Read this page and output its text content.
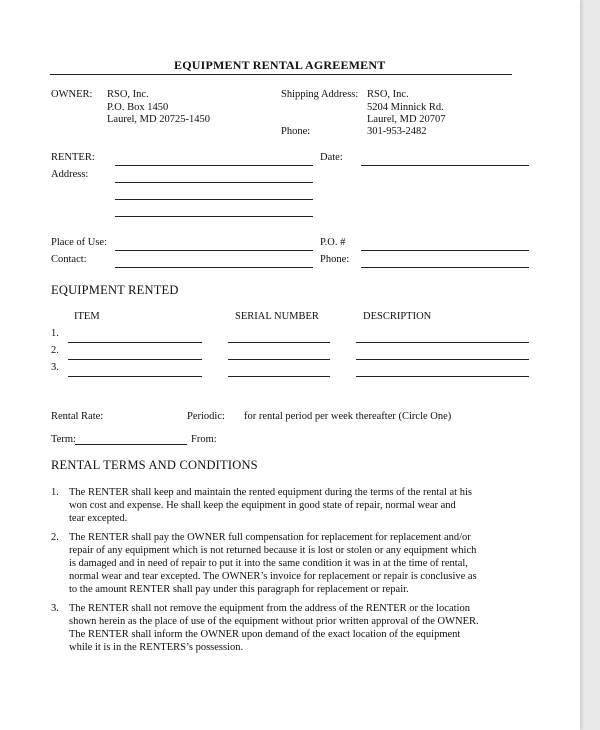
EQUIPMENT RENTAL AGREEMENT
OWNER: RSO, Inc.
P.O. Box 1450
Laurel, MD 20725-1450
Shipping Address: RSO, Inc.
5204 Minnick Rd.
Laurel, MD 20707
Phone:	301-953-2482
RENTER:	Date:
Address:
Place of Use:	P.O. #
Contact:	Phone:
EQUIPMENT RENTED
ITEM	SERIAL NUMBER	DESCRIPTION
1.
2.
3.
Rental Rate:	Periodic: for rental period per week thereafter (Circle One)
Term:	From:
RENTAL TERMS AND CONDITIONS
1. The RENTER shall keep and maintain the rented equipment during the terms of the rental at his
won cost and expense. He shall keep the equipment in good state of repair, normal wear and
tear excepted.
2. The RENTER shall pay the OWNER full compensation for replacement for replacement and/or
repair of any equipment which is not returned because it is lost or stolen or any equipment which
is damaged and in need of repair to put it into the same condition it was in at the time of rental,
normal wear and tear excepted. The OWNER’s invoice for replacement or repair is conclusive as
to the amount RENTER shall pay under this paragraph for replacement or repair.
3. The RENTER shall not remove the equipment from the address of the RENTER or the location
shown herein as the place of use of the equipment without prior written approval of the OWNER.
The RENTER shall inform the OWNER upon demand of the exact location of the equipment
while it is in the RENTERS’s possession.
